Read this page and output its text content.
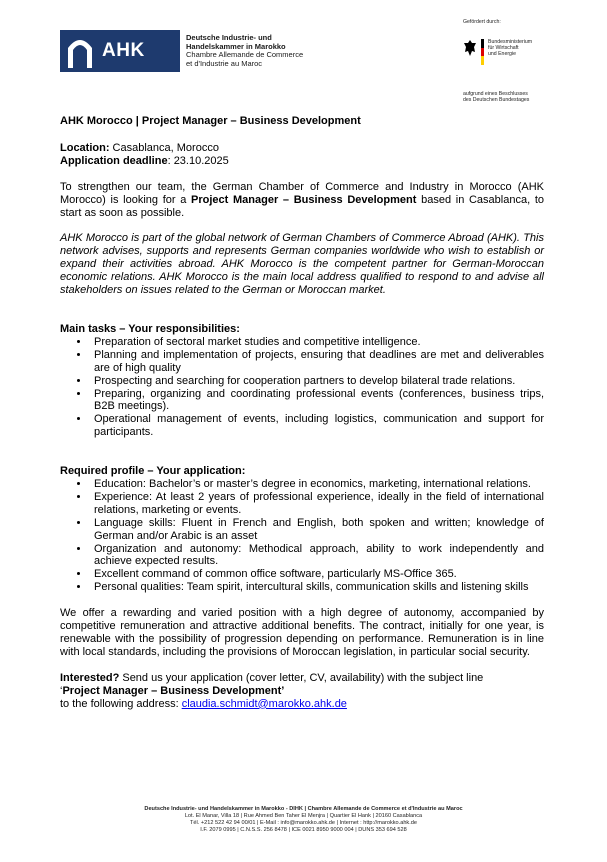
AHK
Deutsche Industrie- und
Handelskammer in Marokko
Chambre Allemande de Commerce
et d'Industrie au Maroc
Gefördert durch:
Bundesministerium
für Wirtschaft
und Energie
aufgrund eines Beschlusses
des Deutschen Bundestages

AHK Morocco | Project Manager – Business Development

Location: Casablanca, Morocco

Application deadline: 23.10.2025

To strengthen our team, the German Chamber of Commerce and Industry in Morocco (AHK Morocco) is looking for a Project Manager – Business Development based in Casablanca, to start as soon as possible.

AHK Morocco is part of the global network of German Chambers of Commerce Abroad (AHK). This network advises, supports and represents German companies worldwide who wish to establish or expand their activities abroad. AHK Morocco is the competent partner for German-Moroccan economic relations. AHK Morocco is the main local address qualified to respond to and advise all stakeholders on issues related to the German or Moroccan market.

Main tasks – Your responsibilities:

• Preparation of sectoral market studies and competitive intelligence.
• Planning and implementation of projects, ensuring that deadlines are met and deliverables are of high quality
• Prospecting and searching for cooperation partners to develop bilateral trade relations.
• Preparing, organizing and coordinating professional events (conferences, business trips, B2B meetings).
• Operational management of events, including logistics, communication and support for participants.

Required profile – Your application:

• Education: Bachelor’s or master’s degree in economics, marketing, international relations.
• Experience: At least 2 years of professional experience, ideally in the field of international relations, marketing or events.
• Language skills: Fluent in French and English, both spoken and written; knowledge of German and/or Arabic is an asset
• Organization and autonomy: Methodical approach, ability to work independently and achieve expected results.
• Excellent command of common office software, particularly MS-Office 365.
• Personal qualities: Team spirit, intercultural skills, communication skills and listening skills

We offer a rewarding and varied position with a high degree of autonomy, accompanied by competitive remuneration and attractive additional benefits. The contract, initially for one year, is renewable with the possibility of progression depending on performance. Remuneration is in line with local standards, including the provisions of Moroccan legislation, in particular social security.

Interested? Send us your application (cover letter, CV, availability) with the subject line

‘Project Manager – Business Development’

to the following address: claudia.schmidt@marokko.ahk.de

Deutsche Industrie- und Handelskammer in Marokko - DIHK | Chambre Allemande de Commerce et d'Industrie au Maroc
Lot. El Manar, Villa 18 | Rue Ahmed Ben Taher El Menjra | Quartier El Hank | 20160 Casablanca
Tél. +212 522 42 94 00/01 | E-Mail : info@marokko.ahk.de | Internet : http://marokko.ahk.de
I.F. 2079 0995 | C.N.S.S. 256 8478 | ICE 0021 8950 9000 004 | DUNS 353 694 528
